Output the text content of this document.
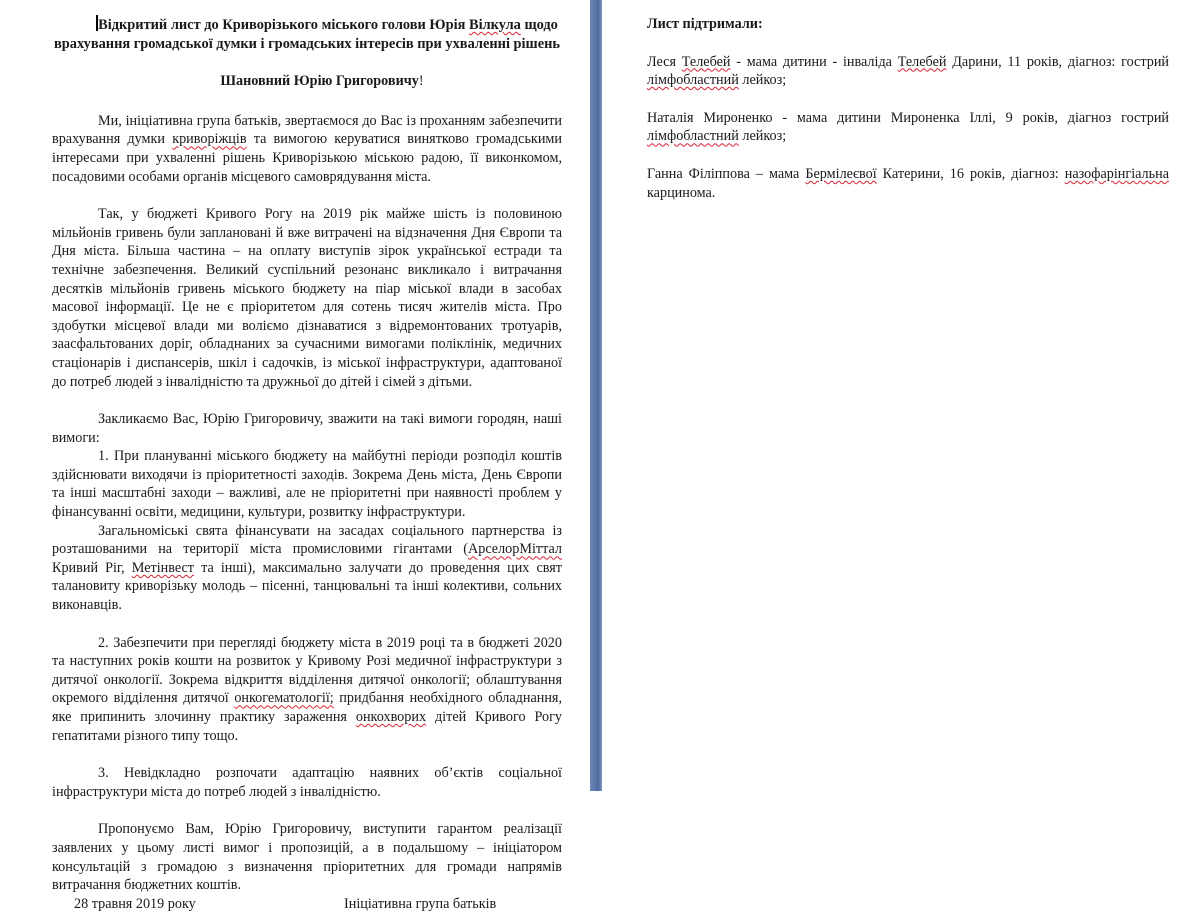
Відкритий лист до Криворізького міського голови Юрія Вілкула щодо
врахування громадської думки і громадських інтересів при ухваленні рішень
Шановний Юрію Григоровичу!

Ми, ініціативна група батьків, звертаємося до Вас із проханням забезпечити врахування думки криворіжців та вимогою керуватися винятково громадськими інтересами при ухваленні рішень Криворізькою міською радою, її виконкомом, посадовими особами органів місцевого самоврядування міста.

Так, у бюджеті Кривого Рогу на 2019 рік майже шість із половиною мільйонів гривень були заплановані й вже витрачені на відзначення Дня Європи та Дня міста. Більша частина – на оплату виступів зірок української естради та технічне забезпечення. Великий суспільний резонанс викликало і витрачання десятків мільйонів гривень міського бюджету на піар міської влади в засобах масової інформації. Це не є пріоритетом для сотень тисяч жителів міста. Про здобутки місцевої влади ми воліємо дізнаватися з відремонтованих тротуарів, заасфальтованих доріг, обладнаних за сучасними вимогами поліклінік, медичних стаціонарів і диспансерів, шкіл і садочків, із міської інфраструктури, адаптованої до потреб людей з інвалідністю та дружньої до дітей і сімей з дітьми.

Закликаємо Вас, Юрію Григоровичу, зважити на такі вимоги городян, наші вимоги:

1. При плануванні міського бюджету на майбутні періоди розподіл коштів здійснювати виходячи із пріоритетності заходів. Зокрема День міста, День Європи та інші масштабні заходи – важливі, але не пріоритетні при наявності проблем у фінансуванні освіти, медицини, культури, розвитку інфраструктури.

Загальноміські свята фінансувати на засадах соціального партнерства із розташованими на території міста промисловими гігантами (АрселорМіттал Кривий Ріг, Метінвест та інші), максимально залучати до проведення цих свят талановиту криворізьку молодь – пісенні, танцювальні та інші колективи, сольних виконавців.

2. Забезпечити при перегляді бюджету міста в 2019 році та в бюджеті 2020 та наступних років кошти на розвиток у Кривому Розі медичної інфраструктури з дитячої онкології. Зокрема відкриття відділення дитячої онкології; облаштування окремого відділення дитячої онкогематології; придбання необхідного обладнання, яке припинить злочинну практику зараження онкохворих дітей Кривого Рогу гепатитами різного типу тощо.

3. Невідкладно розпочати адаптацію наявних об’єктів соціальної інфраструктури міста до потреб людей з інвалідністю.

Пропонуємо Вам, Юрію Григоровичу, виступити гарантом реалізації заявлених у цьому листі вимог і пропозицій, а в подальшому – ініціатором консультацій з громадою з визначення пріоритетних для громади напрямів витрачання бюджетних коштів.

28 травня 2019 року	Ініціативна група батьків
Лист підтримали:

Леся Телебей - мама дитини - інваліда Телебей Дарини, 11 років, діагноз: гострий лімфобластний лейкоз;

Наталія Мироненко - мама дитини Мироненка Іллі, 9 років, діагноз гострий лімфобластний лейкоз;

Ганна Філіппова – мама Бермілеєвої Катерини, 16 років, діагноз: назофарінгіальна карцинома.
